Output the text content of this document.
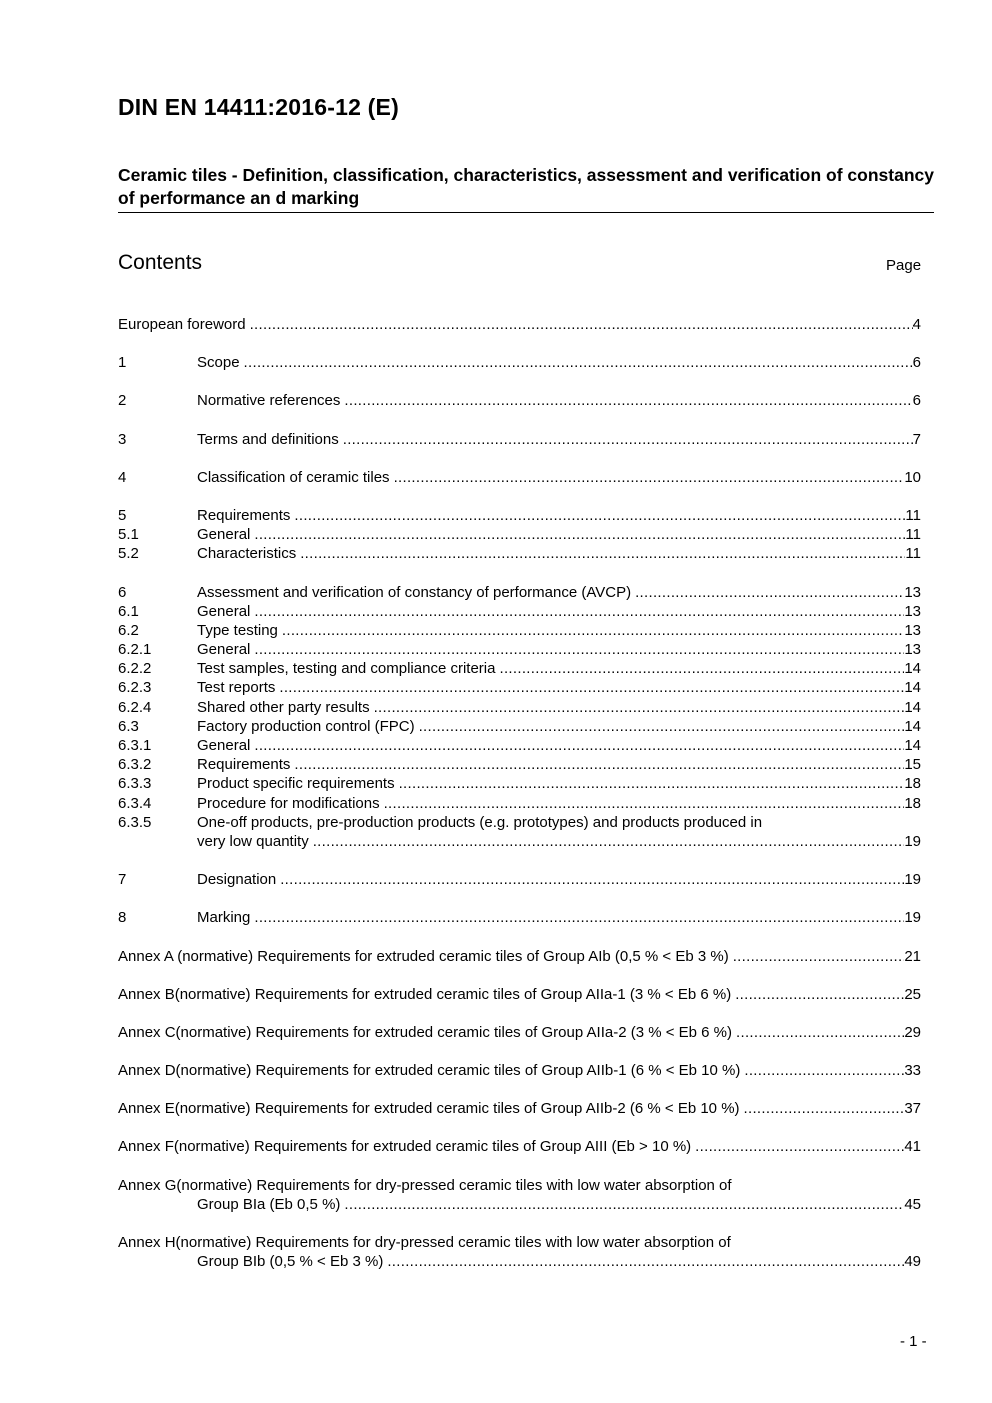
DIN EN 14411:2016-12 (E)
Ceramic tiles - Definition, classification, characteristics, assessment and verification of constancy of performance an d marking
Contents	Page
European foreword .....	4
1	Scope .....	6
2	Normative references .....	6
3	Terms and definitions .....	7
4	Classification of ceramic tiles .....	10
5	Requirements .....	11
5.1	General .....	11
5.2	Characteristics .....	11
6	Assessment and verification of constancy of performance (AVCP) .....	13
6.1	General .....	13
6.2	Type testing .....	13
6.2.1	General .....	13
6.2.2	Test samples, testing and compliance criteria .....	14
6.2.3	Test reports .....	14
6.2.4	Shared other party results .....	14
6.3	Factory production control (FPC) .....	14
6.3.1	General .....	14
6.3.2	Requirements .....	15
6.3.3	Product specific requirements .....	18
6.3.4	Procedure for modifications .....	18
6.3.5	One-off products, pre-production products (e.g. prototypes) and products produced in
very low quantity .....	19
7	Designation .....	19
8	Marking .....	19
Annex A (normative) Requirements for extruded ceramic tiles of Group AIb (0,5 % < Eb 3 %) .....	21
Annex B(normative) Requirements for extruded ceramic tiles of Group AIIa-1 (3 % < Eb 6 %) .....	25
Annex C(normative) Requirements for extruded ceramic tiles of Group AIIa-2 (3 % < Eb 6 %) .....	29
Annex D(normative) Requirements for extruded ceramic tiles of Group AIIb-1 (6 % < Eb 10 %) .....	33
Annex E(normative) Requirements for extruded ceramic tiles of Group AIIb-2 (6 % < Eb 10 %) .....	37
Annex F(normative) Requirements for extruded ceramic tiles of Group AIII (Eb > 10 %) .....	41
Annex G(normative) Requirements for dry-pressed ceramic tiles with low water absorption of
Group BIa (Eb 0,5 %) .....	45
Annex H(normative) Requirements for dry-pressed ceramic tiles with low water absorption of
Group BIb (0,5 % < Eb 3 %) .....	49
- 1 -
